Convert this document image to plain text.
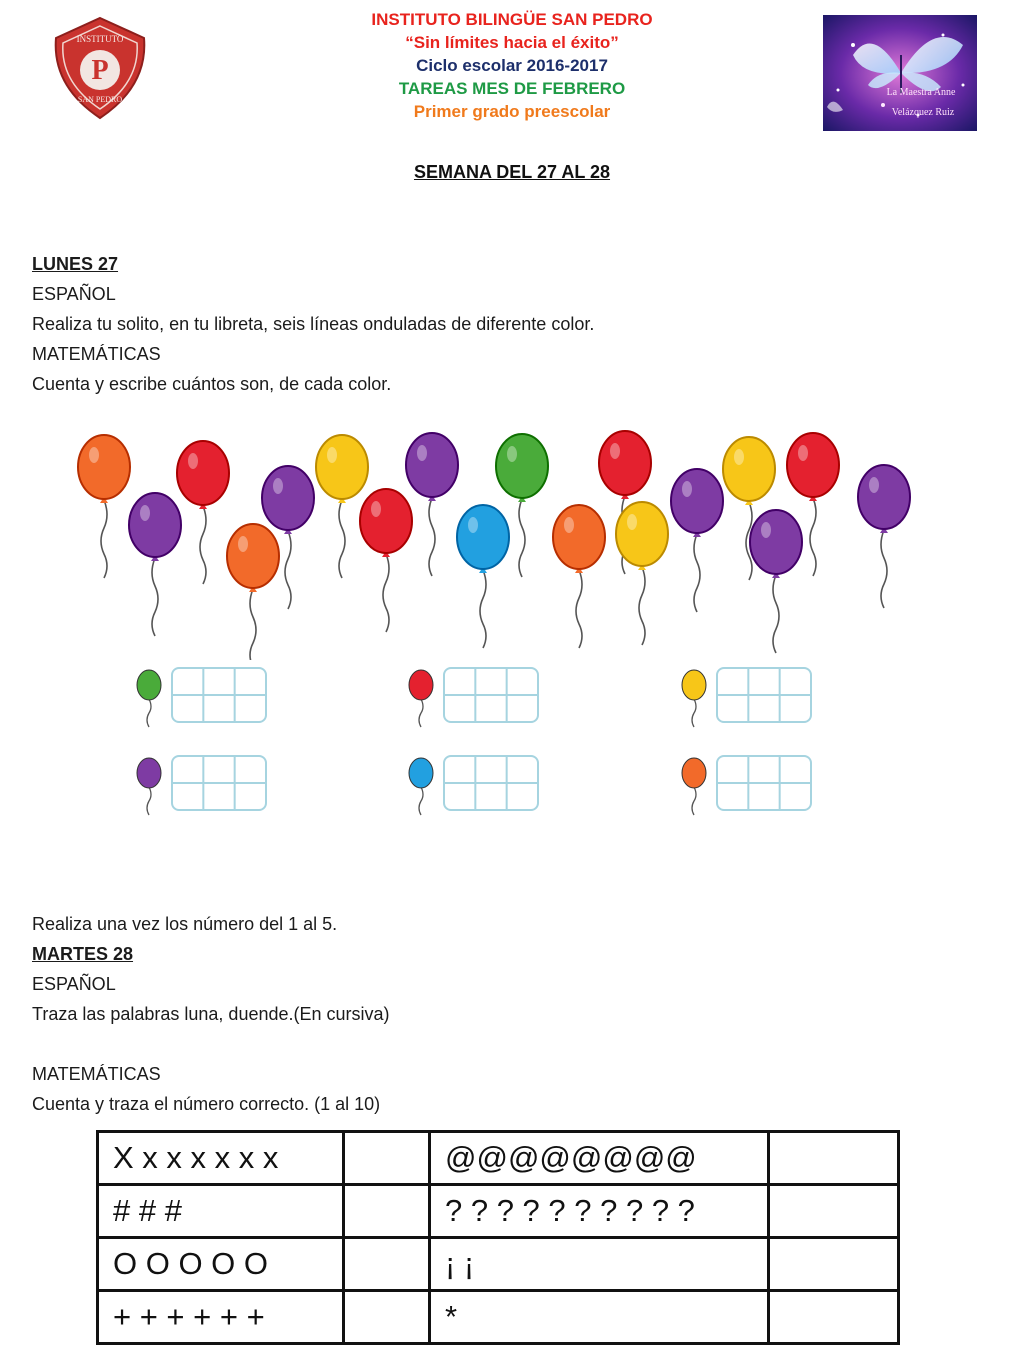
P
INSTITUTO
SAN PEDRO
INSTITUTO BILINGÜE SAN PEDRO
“Sin límites hacia el éxito”
Ciclo escolar 2016-2017
TAREAS MES DE FEBRERO
Primer grado preescolar
La Maestra Anne
Velázquez Ruiz
SEMANA DEL 27 AL 28
LUNES 27
ESPAÑOL
Realiza tu solito, en tu libreta, seis líneas onduladas de diferente color.
MATEMÁTICAS
Cuenta y escribe cuántos son, de cada color.
Realiza una vez los número del 1 al 5.
MARTES 28
ESPAÑOL
Traza las palabras luna, duende.(En cursiva)
MATEMÁTICAS
Cuenta y traza el número correcto. (1 al 10)
X x x x x x x		@@@@@@@@	
# # #		? ? ? ? ? ? ? ? ? ?	
O O O O O		¡ ¡	
+ + + + + +		*	
